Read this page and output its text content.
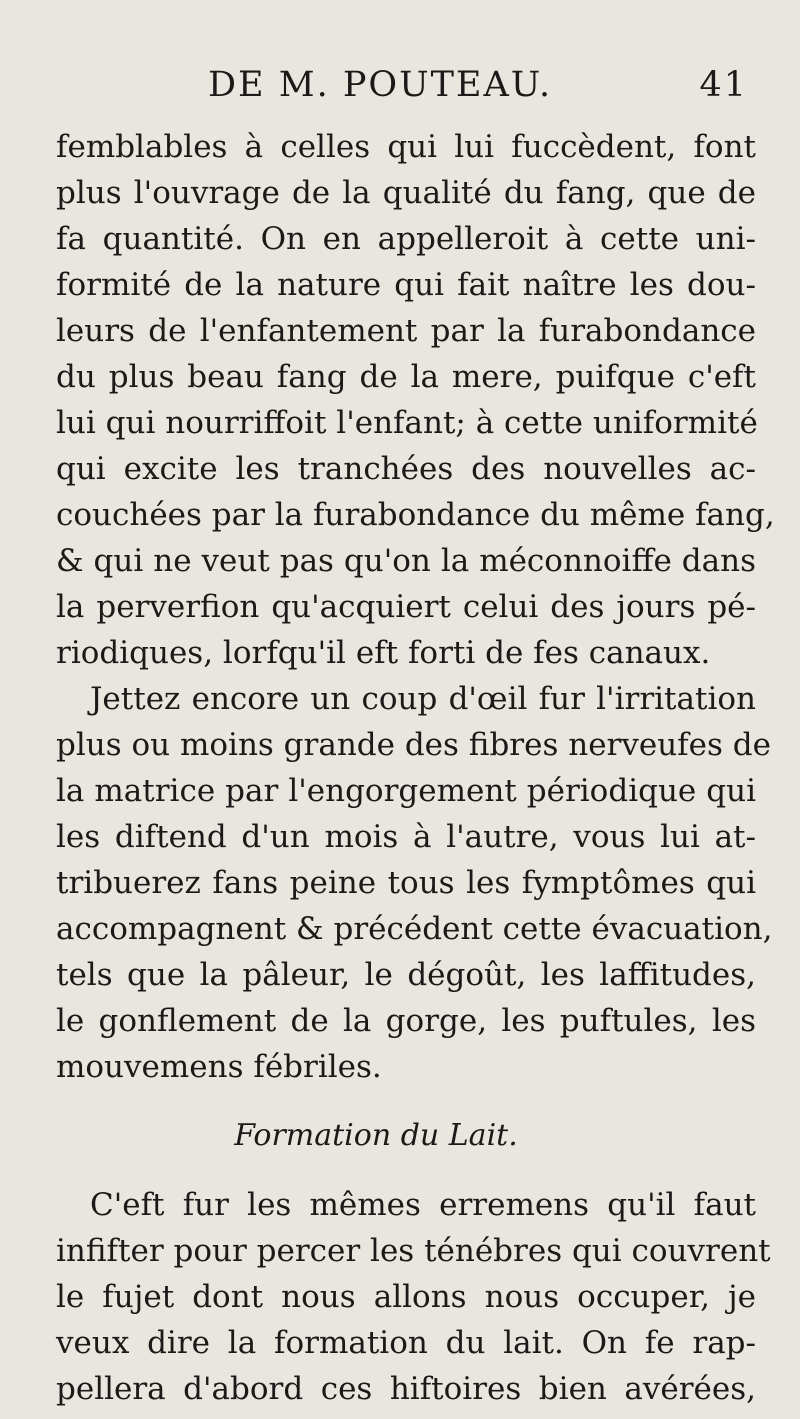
DE M. POUTEAU.	41
femblables à celles qui lui fuccèdent, font
plus l'ouvrage de la qualité du fang, que de
fa quantité. On en appelleroit à cette uni-
formité de la nature qui fait naître les dou-
leurs de l'enfantement par la furabondance
du plus beau fang de la mere, puifque c'eft
lui qui nourriffoit l'enfant; à cette uniformité
qui excite les tranchées des nouvelles ac-
couchées par la furabondance du même fang,
& qui ne veut pas qu'on la méconnoiffe dans
la perverfion qu'acquiert celui des jours pé-
riodiques, lorfqu'il eft forti de fes canaux.
Jettez encore un coup d'œil fur l'irritation
plus ou moins grande des fibres nerveufes de
la matrice par l'engorgement périodique qui
les diftend d'un mois à l'autre, vous lui at-
tribuerez fans peine tous les fymptômes qui
accompagnent & précédent cette évacuation,
tels que la pâleur, le dégoût, les laffitudes,
le gonflement de la gorge, les puftules, les
mouvemens fébriles.
Formation du Lait.
C'eft fur les mêmes erremens qu'il faut
infifter pour percer les ténébres qui couvrent
le fujet dont nous allons nous occuper, je
veux dire la formation du lait. On fe rap-
pellera d'abord ces hiftoires bien avérées,
